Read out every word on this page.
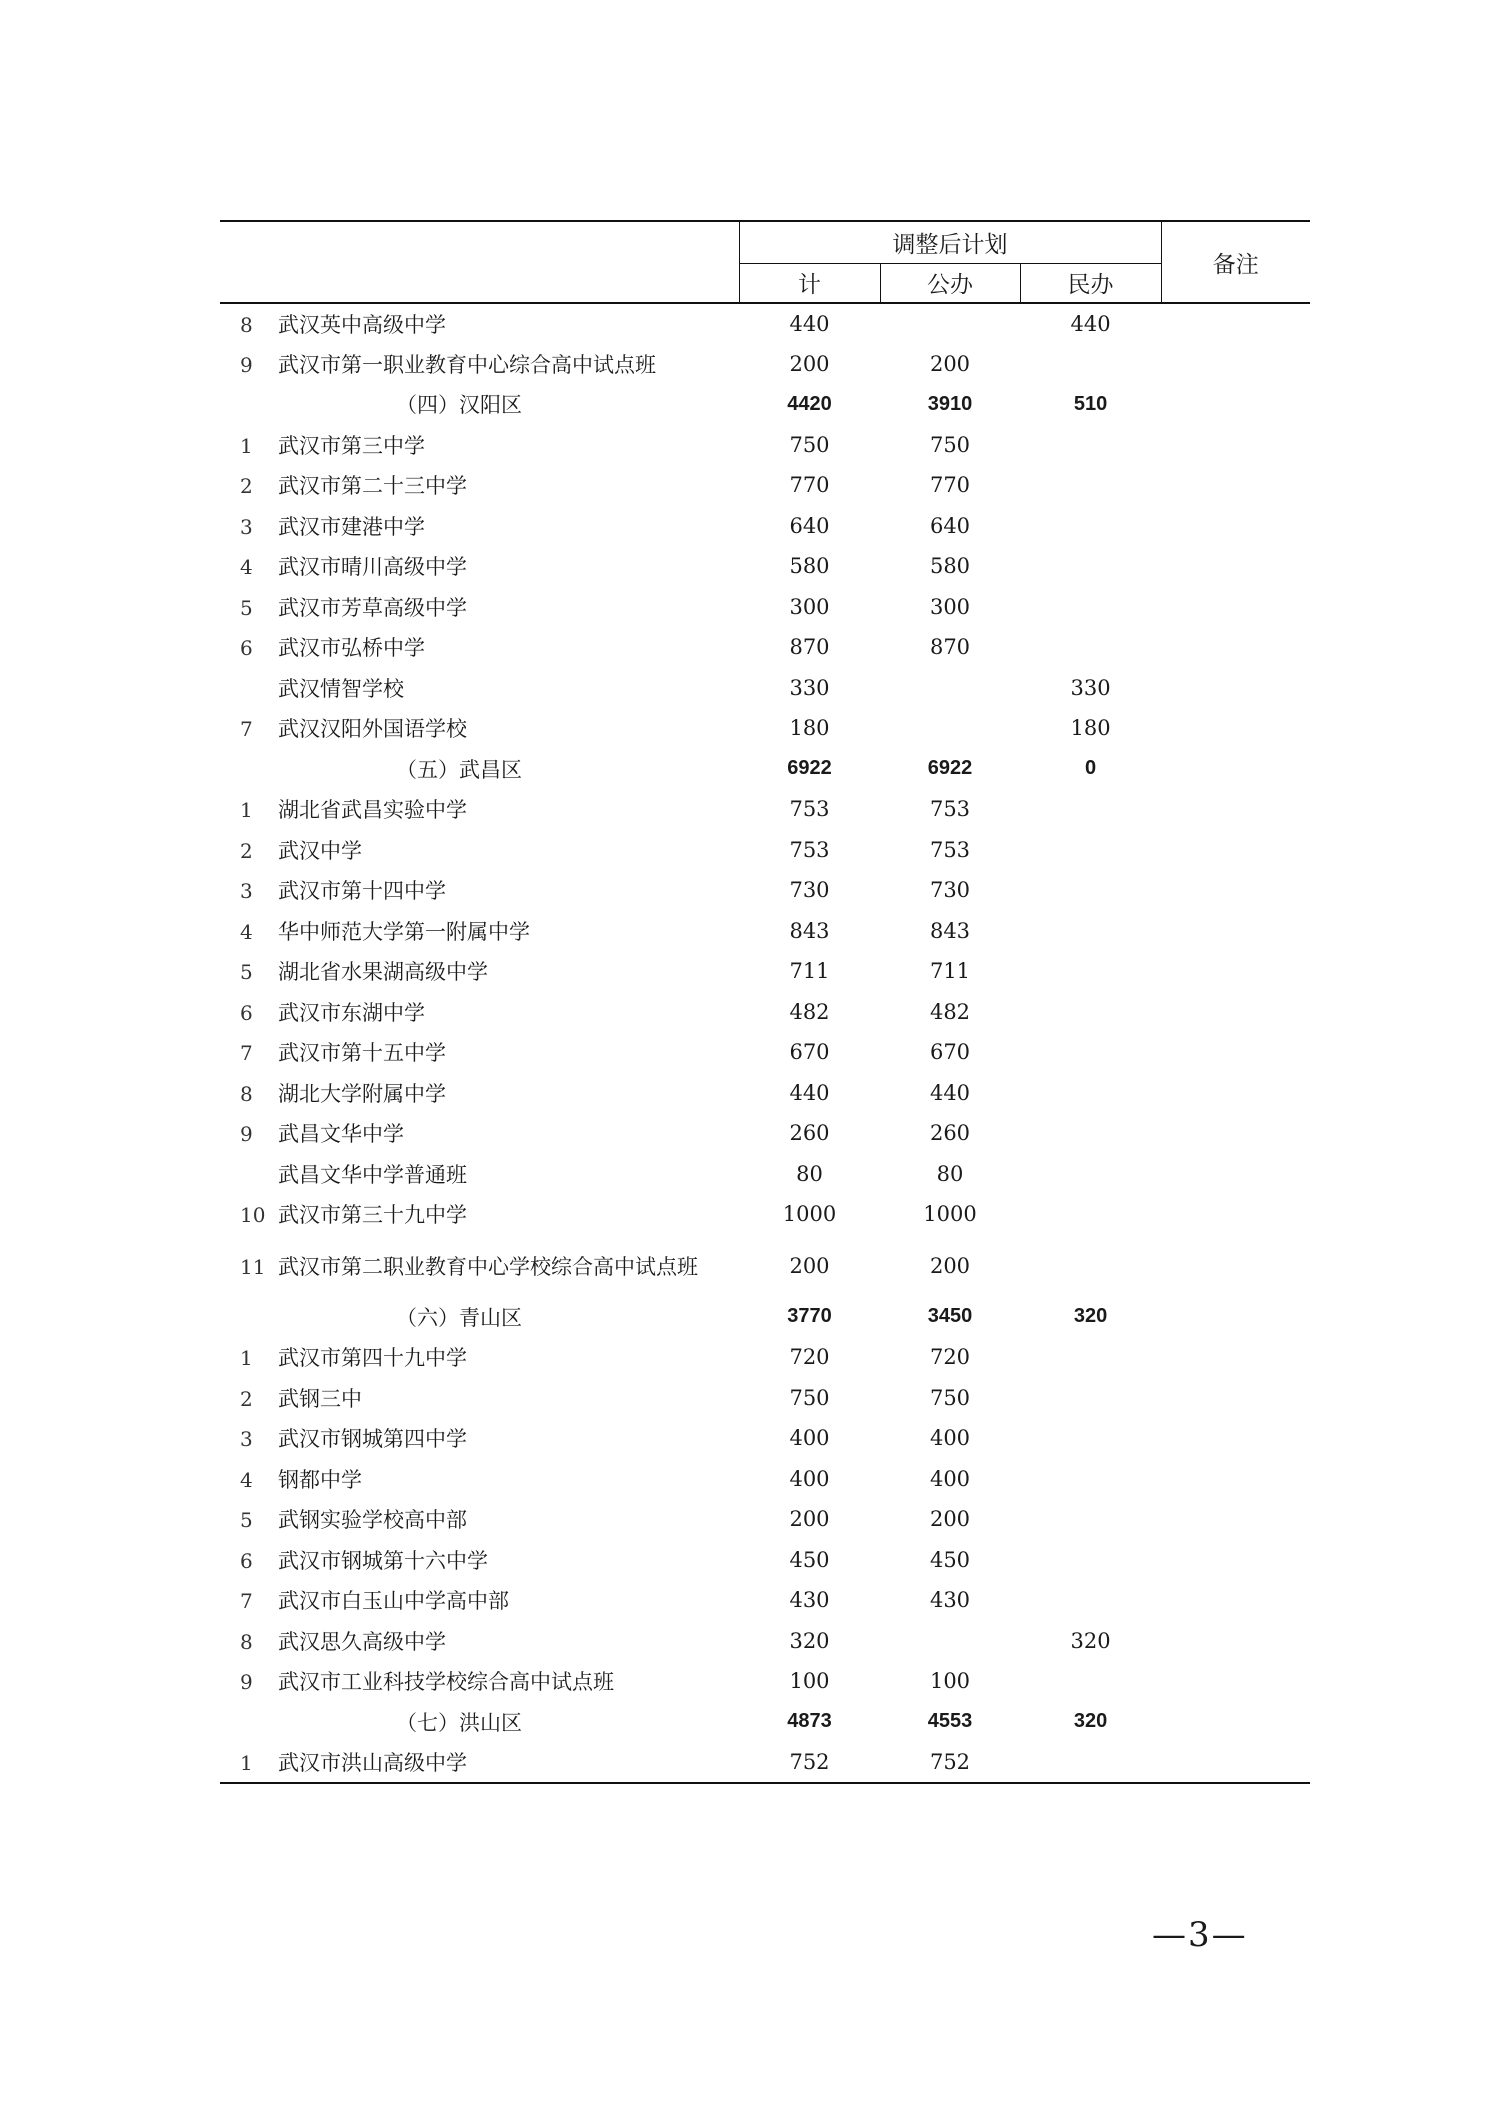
	调整后计划			备注
	计	公办	民办	
8 武汉英中高级中学	440		440	
9 武汉市第一职业教育中心综合高中试点班	200	200		
（四）汉阳区	4420	3910	510	
1 武汉市第三中学	750	750		
2 武汉市第二十三中学	770	770		
3 武汉市建港中学	640	640		
4 武汉市晴川高级中学	580	580		
5 武汉市芳草高级中学	300	300		
6 武汉市弘桥中学	870	870		
武汉情智学校	330		330	
7 武汉汉阳外国语学校	180		180	
（五）武昌区	6922	6922	0	
1 湖北省武昌实验中学	753	753		
2 武汉中学	753	753		
3 武汉市第十四中学	730	730		
4 华中师范大学第一附属中学	843	843		
5 湖北省水果湖高级中学	711	711		
6 武汉市东湖中学	482	482		
7 武汉市第十五中学	670	670		
8 湖北大学附属中学	440	440		
9 武昌文华中学	260	260		
武昌文华中学普通班	80	80		
10 武汉市第三十九中学	1000	1000		
11 武汉市第二职业教育中心学校综合高中试点班	200	200		
（六）青山区	3770	3450	320	
1 武汉市第四十九中学	720	720		
2 武钢三中	750	750		
3 武汉市钢城第四中学	400	400		
4 钢都中学	400	400		
5 武钢实验学校高中部	200	200		
6 武汉市钢城第十六中学	450	450		
7 武汉市白玉山中学高中部	430	430		
8 武汉思久高级中学	320		320	
9 武汉市工业科技学校综合高中试点班	100	100		
（七）洪山区	4873	4553	320	
1 武汉市洪山高级中学	752	752		
—3—
